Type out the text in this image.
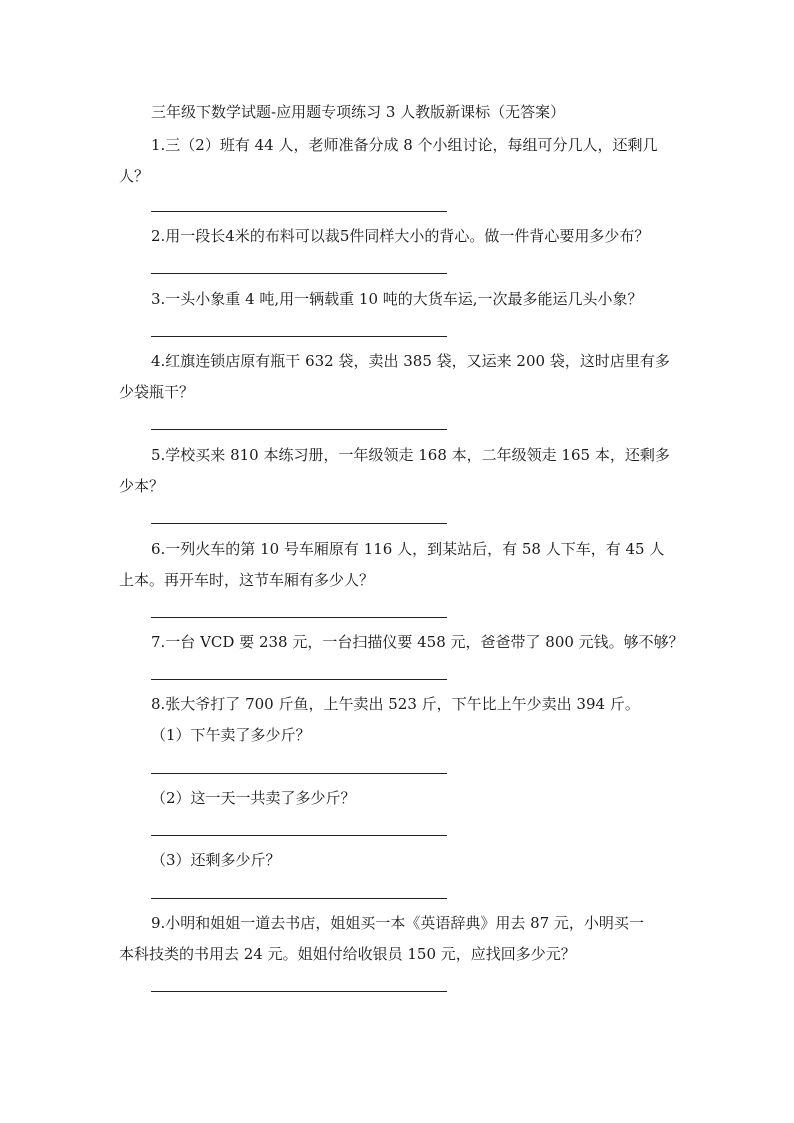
三年级下数学试题-应用题专项练习 3 人教版新课标（无答案）
1.三（2）班有 44 人，老师准备分成 8 个小组讨论，每组可分几人，还剩几
人？
2.用一段长4米的布料可以裁5件同样大小的背心。做一件背心要用多少布？
3.一头小象重 4 吨,用一辆载重 10 吨的大货车运,一次最多能运几头小象？
4.红旗连锁店原有瓶干 632 袋，卖出 385 袋，又运来 200 袋，这时店里有多
少袋瓶干？
5.学校买来 810 本练习册，一年级领走 168 本，二年级领走 165 本，还剩多
少本？
6.一列火车的第 10 号车厢原有 116 人，到某站后，有 58 人下车，有 45 人
上本。再开车时，这节车厢有多少人？
7.一台 VCD 要 238 元，一台扫描仪要 458 元，爸爸带了 800 元钱。够不够？
8.张大爷打了 700 斤鱼，上午卖出 523 斤，下午比上午少卖出 394 斤。
（1）下午卖了多少斤？
（2）这一天一共卖了多少斤？
（3）还剩多少斤？
9.小明和姐姐一道去书店，姐姐买一本《英语辞典》用去 87 元，小明买一
本科技类的书用去 24 元。姐姐付给收银员 150 元，应找回多少元？
